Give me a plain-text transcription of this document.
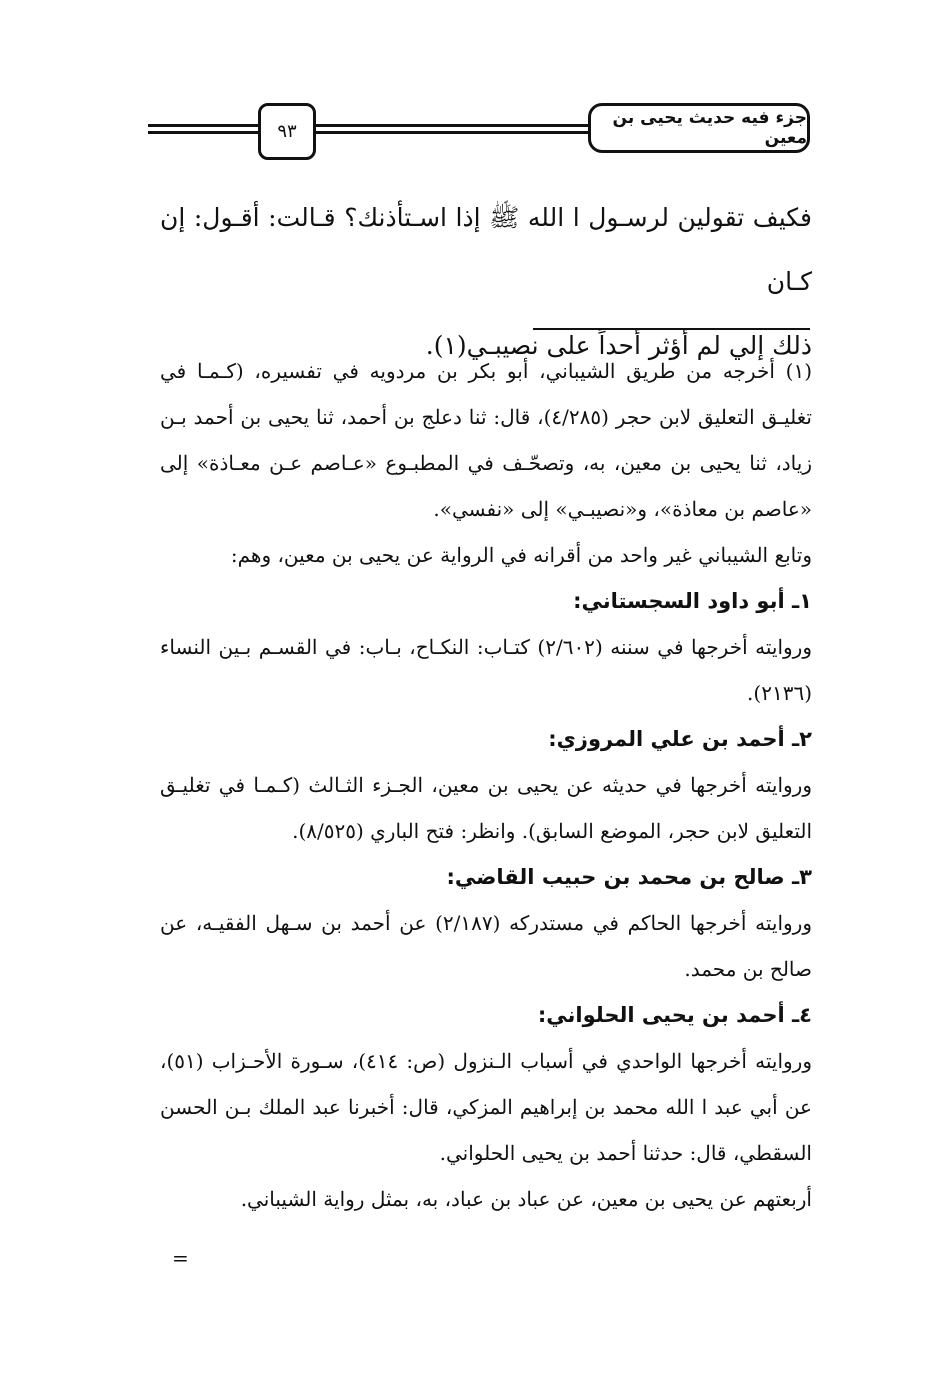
٩٣
جزء فيه حديث يحيى بن معين

فكيف تقولين لرسـول ا الله ﷺ إذا اسـتأذنك؟ قـالت: أقـول: إن كـان

ذلك إلي لم أؤثر أحداً على نصيبـي(١).

(١) أخرجه من طريق الشيباني، أبو بكر بن مردويه في تفسيره، (كـمـا في تغليـق التعليق لابن حجر (٤/٢٨٥)، قال: ثنا دعلج بن أحمد، ثنا يحيى بن أحمد بـن زياد، ثنا يحيى بن معين، به، وتصحّـف في المطبـوع «عـاصم عـن معـاذة» إلى «عاصم بن معاذة»، و«نصيبـي» إلى «نفسي».

وتابع الشيباني غير واحد من أقرانه في الرواية عن يحيى بن معين، وهم:

١ـ أبو داود السجستاني:

وروايته أخرجها في سننه (٢/٦٠٢) كتـاب: النكـاح، بـاب: في القسـم بـين النساء (٢١٣٦).

٢ـ أحمد بن علي المروزي:

وروايته أخرجها في حديثه عن يحيى بن معين، الجـزء الثـالث (كـمـا في تغليـق التعليق لابن حجر، الموضع السابق). وانظر: فتح الباري (٨/٥٢٥).

٣ـ صالح بن محمد بن حبيب القاضي:

وروايته أخرجها الحاكم في مستدركه (٢/١٨٧) عن أحمد بن سـهل الفقيـه، عن صالح بن محمد.

٤ـ أحمد بن يحيى الحلواني:

وروايته أخرجها الواحدي في أسباب الـنزول (ص: ٤١٤)، سـورة الأحـزاب (٥١)، عن أبي عبد ا الله محمد بن إبراهيم المزكي، قال: أخبرنا عبد الملك بـن الحسن السقطي، قال: حدثنا أحمد بن يحيى الحلواني.

أربعتهم عن يحيى بن معين، عن عباد بن عباد، به، بمثل رواية الشيباني.

=
